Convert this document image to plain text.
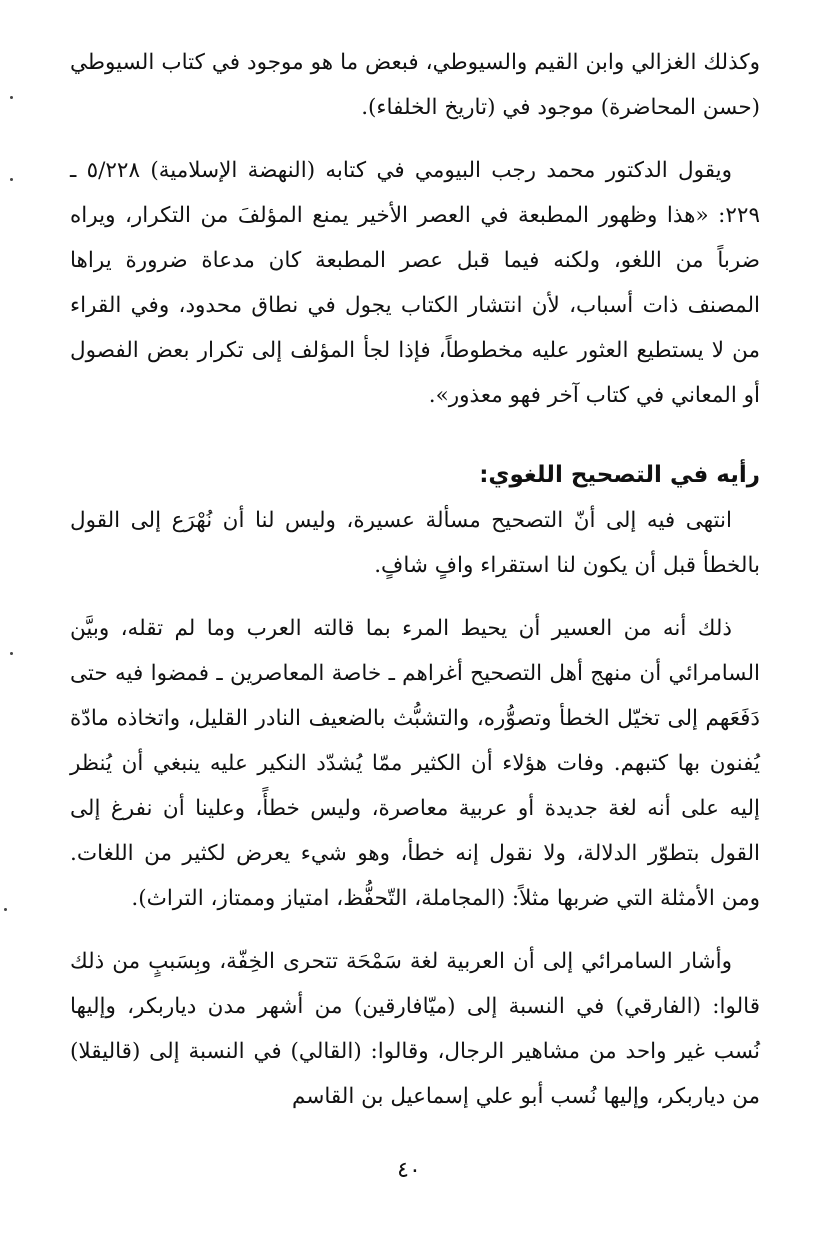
وكذلك الغزالي وابن القيم والسيوطي، فبعض ما هو موجود في كتاب السيوطي (حسن المحاضرة) موجود في (تاريخ الخلفاء).

ويقول الدكتور محمد رجب البيومي في كتابه (النهضة الإسلامية) ٥/٢٢٨ ـ ٢٢٩: «هذا وظهور المطبعة في العصر الأخير يمنع المؤلفَ من التكرار، ويراه ضرباً من اللغو، ولكنه فيما قبل عصر المطبعة كان مدعاة ضرورة يراها المصنف ذات أسباب، لأن انتشار الكتاب يجول في نطاق محدود، وفي القراء من لا يستطيع العثور عليه مخطوطاً، فإذا لجأ المؤلف إلى تكرار بعض الفصول أو المعاني في كتاب آخر فهو معذور».

رأيه في التصحيح اللغوي:

انتهى فيه إلى أنّ التصحيح مسألة عسيرة، وليس لنا أن نُهْرَع إلى القول بالخطأ قبل أن يكون لنا استقراء وافٍ شافٍ.

ذلك أنه من العسير أن يحيط المرء بما قالته العرب وما لم تقله، وبيَّن السامرائي أن منهج أهل التصحيح أغراهم ـ خاصة المعاصرين ـ فمضوا فيه حتى دَفَعَهم إلى تخيّل الخطأ وتصوُّره، والتشبُّث بالضعيف النادر القليل، واتخاذه مادّة يُفنون بها كتبهم. وفات هؤلاء أن الكثير ممّا يُشدّد النكير عليه ينبغي أن يُنظر إليه على أنه لغة جديدة أو عربية معاصرة، وليس خطأً، وعلينا أن نفرغ إلى القول بتطوّر الدلالة، ولا نقول إنه خطأ، وهو شيء يعرض لكثير من اللغات. ومن الأمثلة التي ضربها مثلاً: (المجاملة، التّحفُّظ، امتياز وممتاز، التراث).

وأشار السامرائي إلى أن العربية لغة سَمْحَة تتحرى الخِفّة، وبِسَببٍ من ذلك قالوا: (الفارقي) في النسبة إلى (ميّافارقين) من أشهر مدن دياربكر، وإليها نُسب غير واحد من مشاهير الرجال، وقالوا: (القالي) في النسبة إلى (قاليقلا) من دياربكر، وإليها نُسب أبو علي إسماعيل بن القاسم

٤٠
